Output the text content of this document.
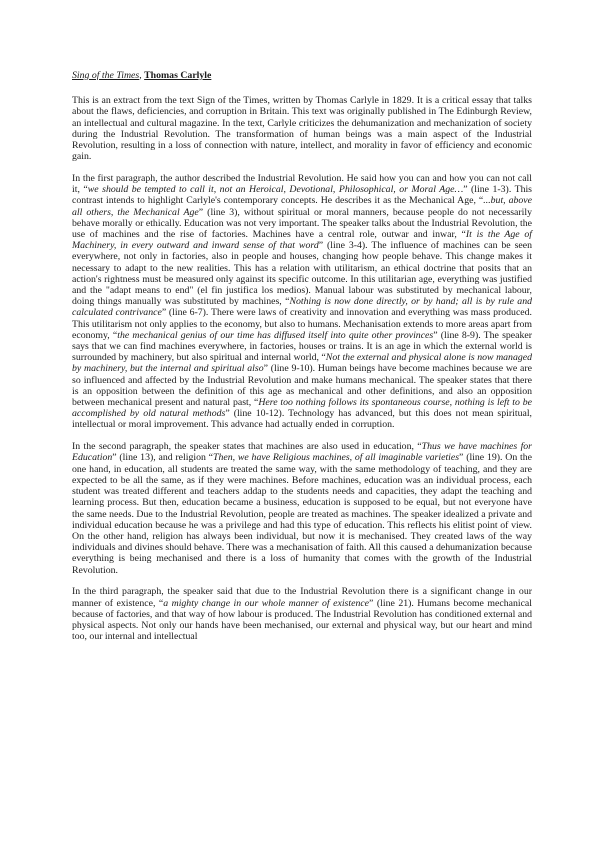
Sing of the Times, Thomas Carlyle

This is an extract from the text Sign of the Times, written by Thomas Carlyle in 1829. It is a critical essay that talks about the flaws, deficiencies, and corruption in Britain. This text was originally published in The Edinburgh Review, an intellectual and cultural magazine. In the text, Carlyle criticizes the dehumanization and mechanization of society during the Industrial Revolution. The transformation of human beings was a main aspect of the Industrial Revolution, resulting in a loss of connection with nature, intellect, and morality in favor of efficiency and economic gain.

In the first paragraph, the author described the Industrial Revolution. He said how you can and how you can not call it, “we should be tempted to call it, not an Heroical, Devotional, Philosophical, or Moral Age…” (line 1-3). This contrast intends to highlight Carlyle's contemporary concepts. He describes it as the Mechanical Age, “...but, above all others, the Mechanical Age” (line 3), without spiritual or moral manners, because people do not necessarily behave morally or ethically. Education was not very important. The speaker talks about the Industrial Revolution, the use of machines and the rise of factories. Machines have a central role, outwar and inwar, “It is the Age of Machinery, in every outward and inward sense of that word” (line 3-4). The influence of machines can be seen everywhere, not only in factories, also in people and houses, changing how people behave. This change makes it necessary to adapt to the new realities. This has a relation with utilitarism, an ethical doctrine that posits that an action's rightness must be measured only against its specific outcome. In this utilitarian age, everything was justified and the "adapt means to end" (el fin justifica los medios). Manual labour was substituted by mechanical labour, doing things manually was substituted by machines, “Nothing is now done directly, or by hand; all is by rule and calculated contrivance” (line 6-7). There were laws of creativity and innovation and everything was mass produced. This utilitarism not only applies to the economy, but also to humans. Mechanisation extends to more areas apart from economy, “the mechanical genius of our time has diffused itself into quite other provinces” (line 8-9). The speaker says that we can find machines everywhere, in factories, houses or trains. It is an age in which the external world is surrounded by machinery, but also spiritual and internal world, “Not the external and physical alone is now managed by machinery, but the internal and spiritual also” (line 9-10). Human beings have become machines because we are so influenced and affected by the Industrial Revolution and make humans mechanical. The speaker states that there is an opposition between the definition of this age as mechanical and other definitions, and also an opposition between mechanical present and natural past, “Here too nothing follows its spontaneous course, nothing is left to be accomplished by old natural methods” (line 10-12). Technology has advanced, but this does not mean spiritual, intellectual or moral improvement. This advance had actually ended in corruption.

In the second paragraph, the speaker states that machines are also used in education, “Thus we have machines for Education” (line 13), and religion “Then, we have Religious machines, of all imaginable varieties” (line 19). On the one hand, in education, all students are treated the same way, with the same methodology of teaching, and they are expected to be all the same, as if they were machines. Before machines, education was an individual process, each student was treated different and teachers addap to the students needs and capacities, they adapt the teaching and learning process. But then, education became a business, education is supposed to be equal, but not everyone have the same needs. Due to the Industrial Revolution, people are treated as machines. The speaker idealized a private and individual education because he was a privilege and had this type of education. This reflects his elitist point of view. On the other hand, religion has always been individual, but now it is mechanised. They created laws of the way individuals and divines should behave. There was a mechanisation of faith. All this caused a dehumanization because everything is being mechanised and there is a loss of humanity that comes with the growth of the Industrial Revolution.

In the third paragraph, the speaker said that due to the Industrial Revolution there is a significant change in our manner of existence, “a mighty change in our whole manner of existence” (line 21). Humans become mechanical because of factories, and that way of how labour is produced. The Industrial Revolution has conditioned external and physical aspects. Not only our hands have been mechanised, our external and physical way, but our heart and mind too, our internal and intellectual
